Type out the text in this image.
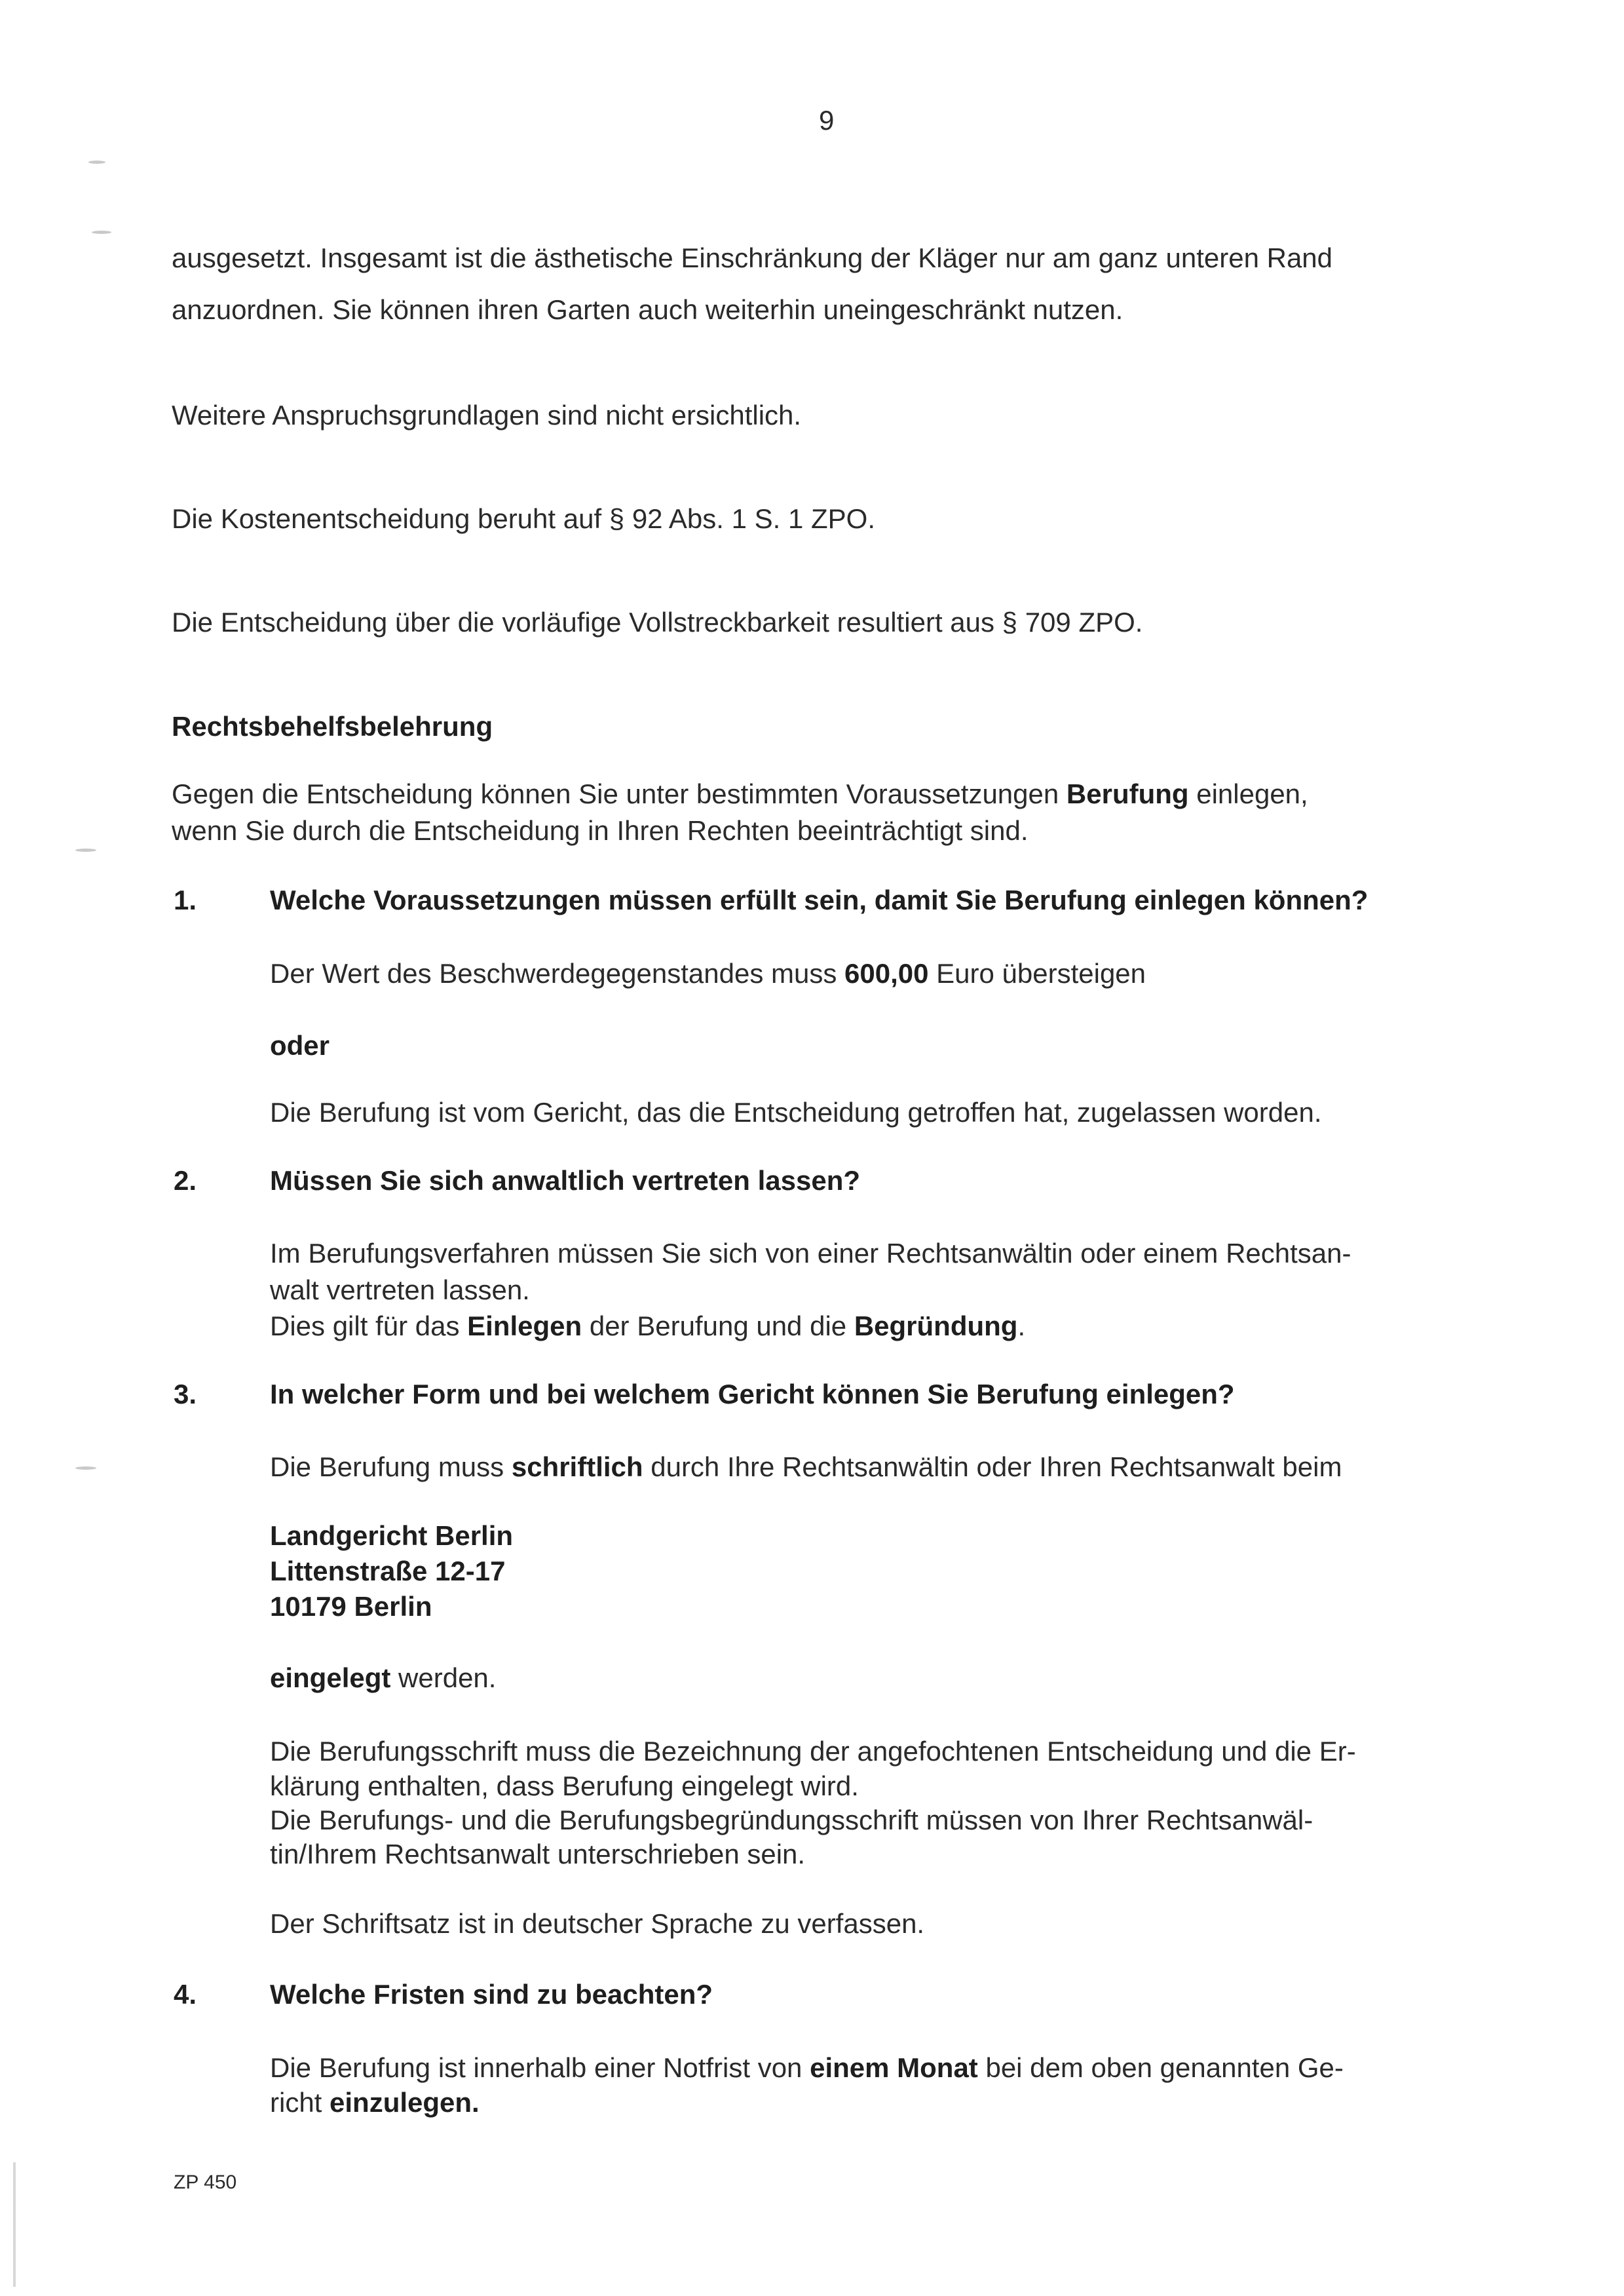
9
ausgesetzt. Insgesamt ist die ästhetische Einschränkung der Kläger nur am ganz unteren Rand
anzuordnen. Sie können ihren Garten auch weiterhin uneingeschränkt nutzen.
Weitere Anspruchsgrundlagen sind nicht ersichtlich.
Die Kostenentscheidung beruht auf § 92 Abs. 1 S. 1 ZPO.
Die Entscheidung über die vorläufige Vollstreckbarkeit resultiert aus § 709 ZPO.
Rechtsbehelfsbelehrung
Gegen die Entscheidung können Sie unter bestimmten Voraussetzungen Berufung einlegen,
wenn Sie durch die Entscheidung in Ihren Rechten beeinträchtigt sind.
1.	Welche Voraussetzungen müssen erfüllt sein, damit Sie Berufung einlegen können?
Der Wert des Beschwerdegegenstandes muss 600,00 Euro übersteigen
oder
Die Berufung ist vom Gericht, das die Entscheidung getroffen hat, zugelassen worden.
2.	Müssen Sie sich anwaltlich vertreten lassen?
Im Berufungsverfahren müssen Sie sich von einer Rechtsanwältin oder einem Rechtsan-
walt vertreten lassen.
Dies gilt für das Einlegen der Berufung und die Begründung.
3.	In welcher Form und bei welchem Gericht können Sie Berufung einlegen?
Die Berufung muss schriftlich durch Ihre Rechtsanwältin oder Ihren Rechtsanwalt beim
Landgericht Berlin
Littenstraße 12-17
10179 Berlin
eingelegt werden.
Die Berufungsschrift muss die Bezeichnung der angefochtenen Entscheidung und die Er-
klärung enthalten, dass Berufung eingelegt wird.
Die Berufungs- und die Berufungsbegründungsschrift müssen von Ihrer Rechtsanwäl-
tin/Ihrem Rechtsanwalt unterschrieben sein.
Der Schriftsatz ist in deutscher Sprache zu verfassen.
4.	Welche Fristen sind zu beachten?
Die Berufung ist innerhalb einer Notfrist von einem Monat bei dem oben genannten Ge-
richt einzulegen.
ZP 450
